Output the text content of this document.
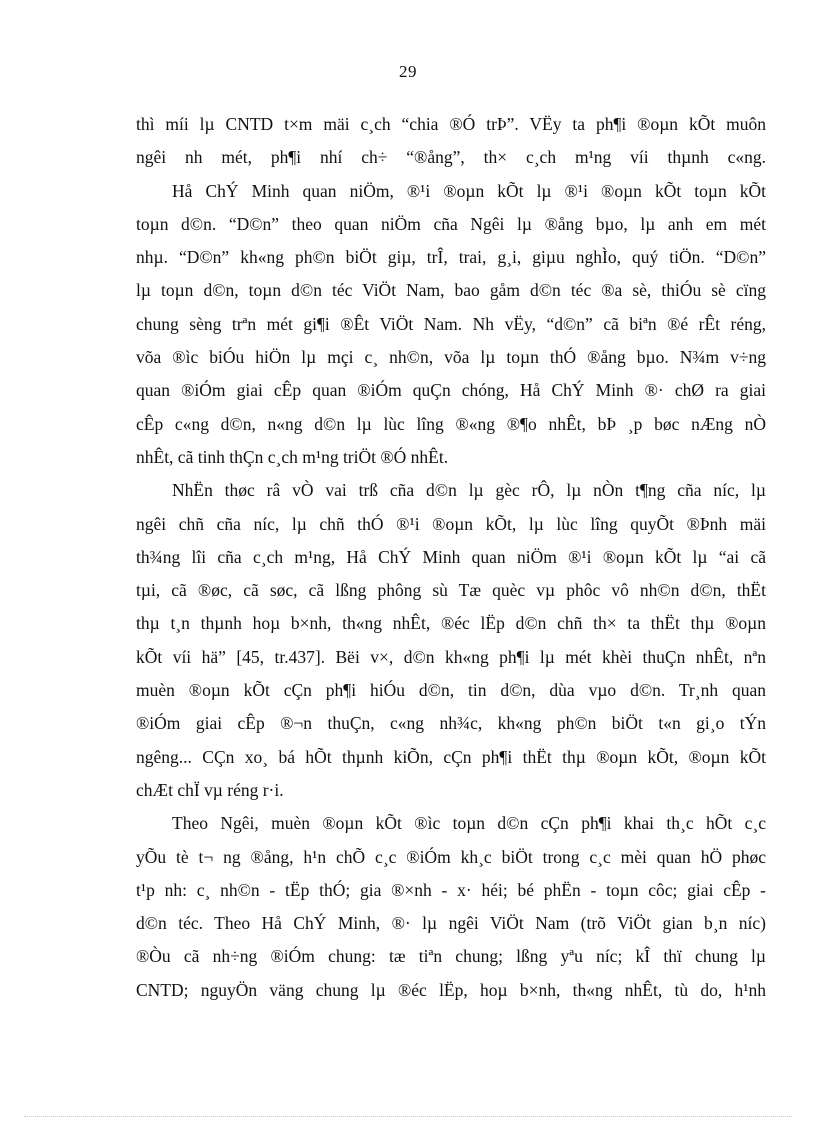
29
thì míi lµ CNTD t×m mäi c¸ch “chia ®Ó trÞ”. VËy ta ph¶i ®oµn kÕt muôn
ngêi nh mét, ph¶i nhí ch÷ “®ång”, th× c¸ch m¹ng víi thµnh c«ng.
Hå ChÝ Minh quan niÖm, ®¹i ®oµn kÕt lµ ®¹i ®oµn kÕt toµn kÕt
toµn d©n. “D©n” theo quan niÖm cña Ngêi lµ ®ång bµo, lµ anh em mét
nhµ. “D©n” kh«ng ph©n biÖt giµ, trÎ, trai, g¸i, giµu nghÌo, quý tiÖn. “D©n”
lµ toµn d©n, toµn d©n téc ViÖt Nam, bao gåm d©n téc ®a sè, thiÓu sè cïng
chung sèng trªn mét gi¶i ®Êt ViÖt Nam. Nh vËy, “d©n” cã biªn ®é rÊt réng,
võa ®ìc biÓu hiÖn lµ mçi c¸ nh©n, võa lµ toµn thÓ ®ång bµo. N¾m v÷ng
quan ®iÓm giai cÊp quan ®iÓm quÇn chóng, Hå ChÝ Minh ®· chØ ra giai
cÊp c«ng d©n, n«ng d©n lµ lùc lîng ®«ng ®¶o nhÊt, bÞ ¸p bøc nÆng nÒ
nhÊt, cã tinh thÇn c¸ch m¹ng triÖt ®Ó nhÊt.
NhËn thøc râ vÒ vai trß cña d©n lµ gèc rÔ, lµ nÒn t¶ng cña níc, lµ
ngêi chñ cña níc, lµ chñ thÓ ®¹i ®oµn kÕt, lµ lùc lîng quyÕt ®Þnh mäi
th¾ng lîi cña c¸ch m¹ng, Hå ChÝ Minh quan niÖm ®¹i ®oµn kÕt lµ “ai cã
tµi, cã ®øc, cã søc, cã lßng phông sù Tæ quèc vµ phôc vô nh©n d©n, thËt
thµ t¸n thµnh hoµ b×nh, th«ng nhÊt, ®éc lËp d©n chñ th× ta thËt thµ ®oµn
kÕt víi hä” [45, tr.437]. Bëi v×, d©n kh«ng ph¶i lµ mét khèi thuÇn nhÊt, nªn
muèn ®oµn kÕt cÇn ph¶i hiÓu d©n, tin d©n, dùa vµo d©n. Tr¸nh quan
®iÓm giai cÊp ®¬n thuÇn, c«ng nh¾c, kh«ng ph©n biÖt t«n gi¸o tÝn
ngêng... CÇn xo¸ bá hÕt thµnh kiÕn, cÇn ph¶i thËt thµ ®oµn kÕt, ®oµn kÕt
chÆt chÏ vµ réng r·i.
Theo Ngêi, muèn ®oµn kÕt ®ìc toµn d©n cÇn ph¶i khai th¸c hÕt c¸c
yÕu tè t¬ ng ®ång, h¹n chÕ c¸c ®iÓm kh¸c biÖt trong c¸c mèi quan hÖ phøc
t¹p nh: c¸ nh©n - tËp thÓ; gia ®×nh - x· héi; bé phËn - toµn côc; giai cÊp -
d©n téc. Theo Hå ChÝ Minh, ®· lµ ngêi ViÖt Nam (trõ ViÖt gian b¸n níc)
®Òu cã nh÷ng ®iÓm chung: tæ tiªn chung; lßng yªu níc; kÎ thï chung lµ
CNTD; nguyÖn väng chung lµ ®éc lËp, hoµ b×nh, th«ng nhÊt, tù do, h¹nh
